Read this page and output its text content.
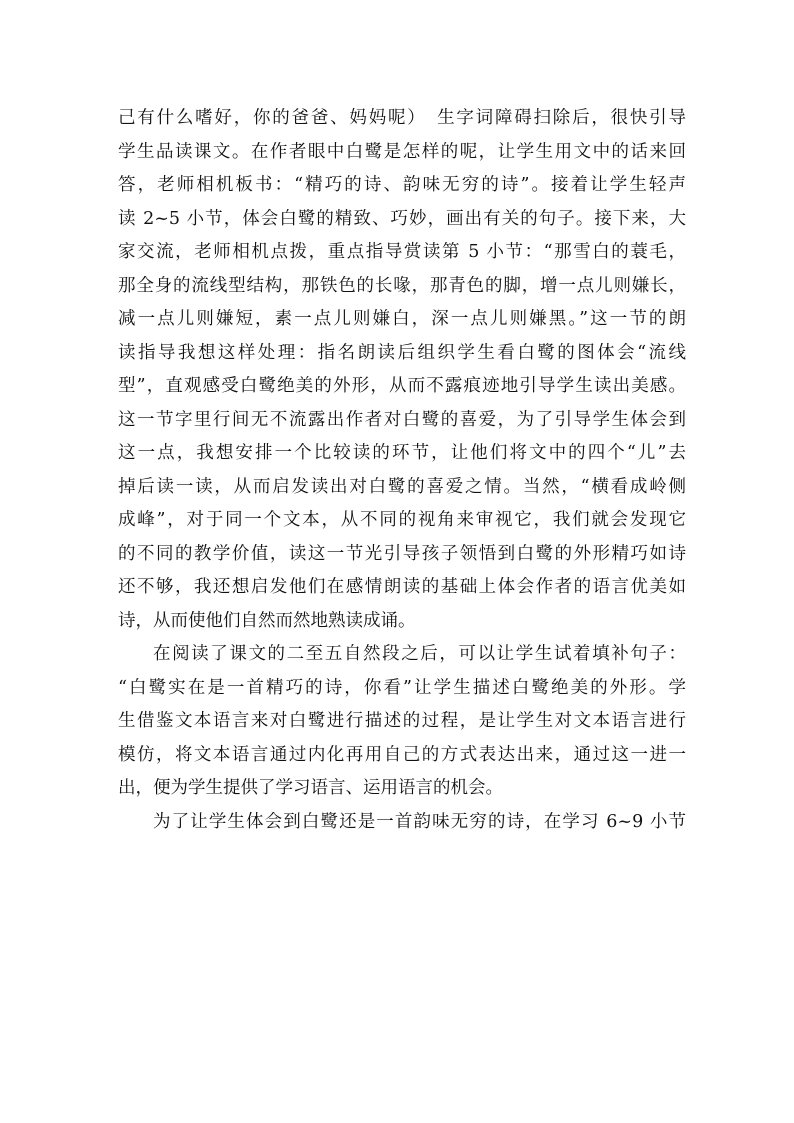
己有什么嗜好，你的爸爸、妈妈呢）　生字词障碍扫除后，很快引导
学生品读课文。在作者眼中白鹭是怎样的呢，让学生用文中的话来回
答，老师相机板书：“精巧的诗、韵味无穷的诗”。接着让学生轻声
读 2~5 小节，体会白鹭的精致、巧妙，画出有关的句子。接下来，大
家交流，老师相机点拨，重点指导赏读第 5 小节：“那雪白的蓑毛，
那全身的流线型结构，那铁色的长喙，那青色的脚，增一点儿则嫌长，
减一点儿则嫌短，素一点儿则嫌白，深一点儿则嫌黑。”这一节的朗
读指导我想这样处理：指名朗读后组织学生看白鹭的图体会“流线
型”，直观感受白鹭绝美的外形，从而不露痕迹地引导学生读出美感。
这一节字里行间无不流露出作者对白鹭的喜爱，为了引导学生体会到
这一点，我想安排一个比较读的环节，让他们将文中的四个“儿”去
掉后读一读，从而启发读出对白鹭的喜爱之情。当然，“横看成岭侧
成峰”，对于同一个文本，从不同的视角来审视它，我们就会发现它
的不同的教学价值，读这一节光引导孩子领悟到白鹭的外形精巧如诗
还不够，我还想启发他们在感情朗读的基础上体会作者的语言优美如
诗，从而使他们自然而然地熟读成诵。
在阅读了课文的二至五自然段之后，可以让学生试着填补句子：
“白鹭实在是一首精巧的诗，你看”让学生描述白鹭绝美的外形。学
生借鉴文本语言来对白鹭进行描述的过程，是让学生对文本语言进行
模仿，将文本语言通过内化再用自己的方式表达出来，通过这一进一
出，便为学生提供了学习语言、运用语言的机会。
为了让学生体会到白鹭还是一首韵味无穷的诗，在学习 6~9 小节
